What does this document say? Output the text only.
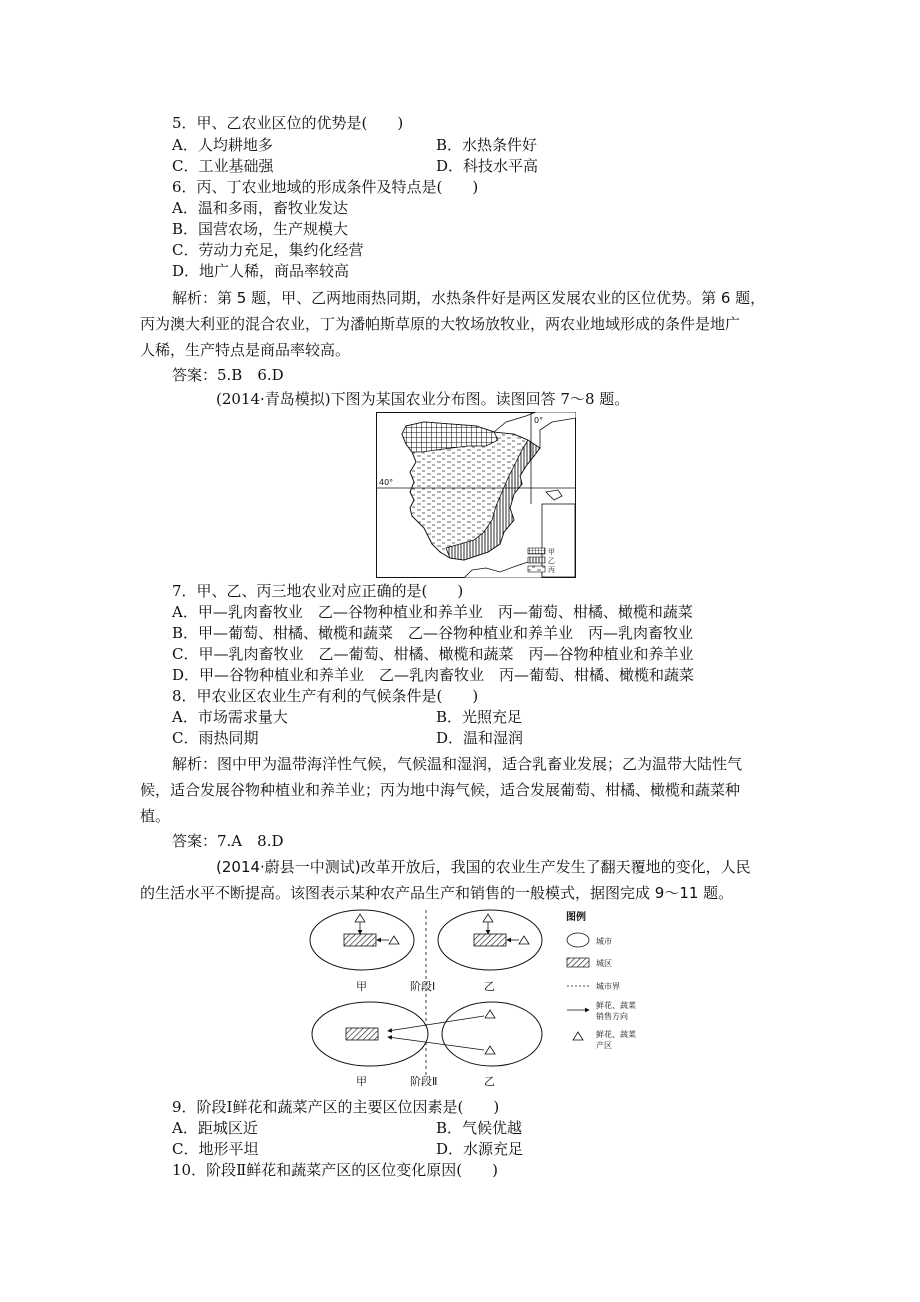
5．甲、乙农业区位的优势是(　　)
A．人均耕地多	B．水热条件好
C．工业基础强	D．科技水平高
6．丙、丁农业地域的形成条件及特点是(　　)
A．温和多雨，畜牧业发达
B．国营农场，生产规模大
C．劳动力充足，集约化经营
D．地广人稀，商品率较高
解析：第 5 题，甲、乙两地雨热同期，水热条件好是两区发展农业的区位优势。第 6 题，
丙为澳大利亚的混合农业，丁为潘帕斯草原的大牧场放牧业，两农业地域形成的条件是地广
人稀，生产特点是商品率较高。
答案：5.B　6.D
(2014·青岛模拟)下图为某国农业分布图。读图回答 7～8 题。
0°
40°
甲
乙
丙
7．甲、乙、丙三地农业对应正确的是(　　)
A．甲—乳肉畜牧业　乙—谷物种植业和养羊业　丙—葡萄、柑橘、橄榄和蔬菜
B．甲—葡萄、柑橘、橄榄和蔬菜　乙—谷物种植业和养羊业　丙—乳肉畜牧业
C．甲—乳肉畜牧业　乙—葡萄、柑橘、橄榄和蔬菜　丙—谷物种植业和养羊业
D．甲—谷物种植业和养羊业　乙—乳肉畜牧业　丙—葡萄、柑橘、橄榄和蔬菜
8．甲农业区农业生产有利的气候条件是(　　)
A．市场需求量大	B．光照充足
C．雨热同期	D．温和湿润
解析：图中甲为温带海洋性气候，气候温和湿润，适合乳畜业发展；乙为温带大陆性气
候，适合发展谷物种植业和养羊业；丙为地中海气候，适合发展葡萄、柑橘、橄榄和蔬菜种
植。
答案：7.A　8.D
(2014·蔚县一中测试)改革开放后，我国的农业生产发生了翻天覆地的变化，人民
的生活水平不断提高。该图表示某种农产品生产和销售的一般模式，据图完成 9～11 题。
甲	阶段Ⅰ	乙
甲	阶段Ⅱ	乙
图例
城市
城区
城市界
鲜花、蔬菜
销售方向
鲜花、蔬菜
产区
9．阶段Ⅰ鲜花和蔬菜产区的主要区位因素是(　　)
A．距城区近	B．气候优越
C．地形平坦	D．水源充足
10．阶段Ⅱ鲜花和蔬菜产区的区位变化原因(　　)
